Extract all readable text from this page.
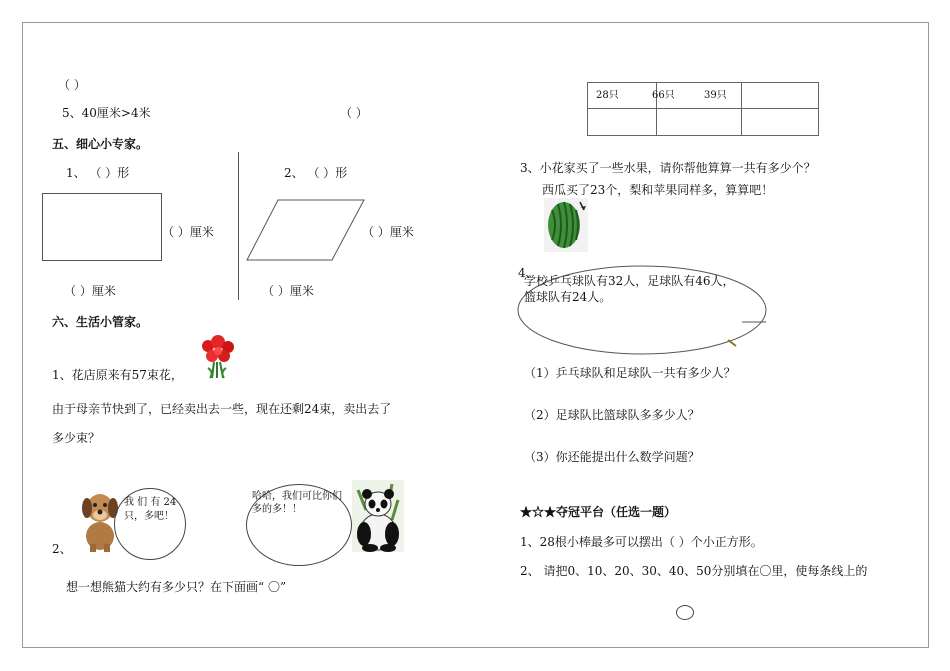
（ ）
5、40厘米>4米	（ ）
五、细心小专家。
1、 （ ）形	2、 （ ）形
（ ）厘米	（ ）厘米
（ ）厘米	（ ）厘米
六、生活小管家。
1、花店原来有57束花，
由于母亲节快到了，已经卖出去一些，现在还剩24束，卖出去了
多少束？
2、
我 们 有 24 只，多吧！
哈哈，我们可比你们多的多！！
想一想熊猫大约有多少只？在下面画“ 〇”
28只	66只	39只
3、小花家买了一些水果，请你帮他算算一共有多少个？
西瓜买了23个，梨和苹果同样多，算算吧！
4、
学校乒乓球队有32人，足球队有46人，
篮球队有24人。
（1）乒乓球队和足球队一共有多少人？
（2）足球队比篮球队多多少人？
（3）你还能提出什么数学问题？
★☆★夺冠平台（任选一题）
1、28根小棒最多可以摆出（ ）个小正方形。
2、 请把0、10、20、30、40、50分别填在〇里，使每条线上的
